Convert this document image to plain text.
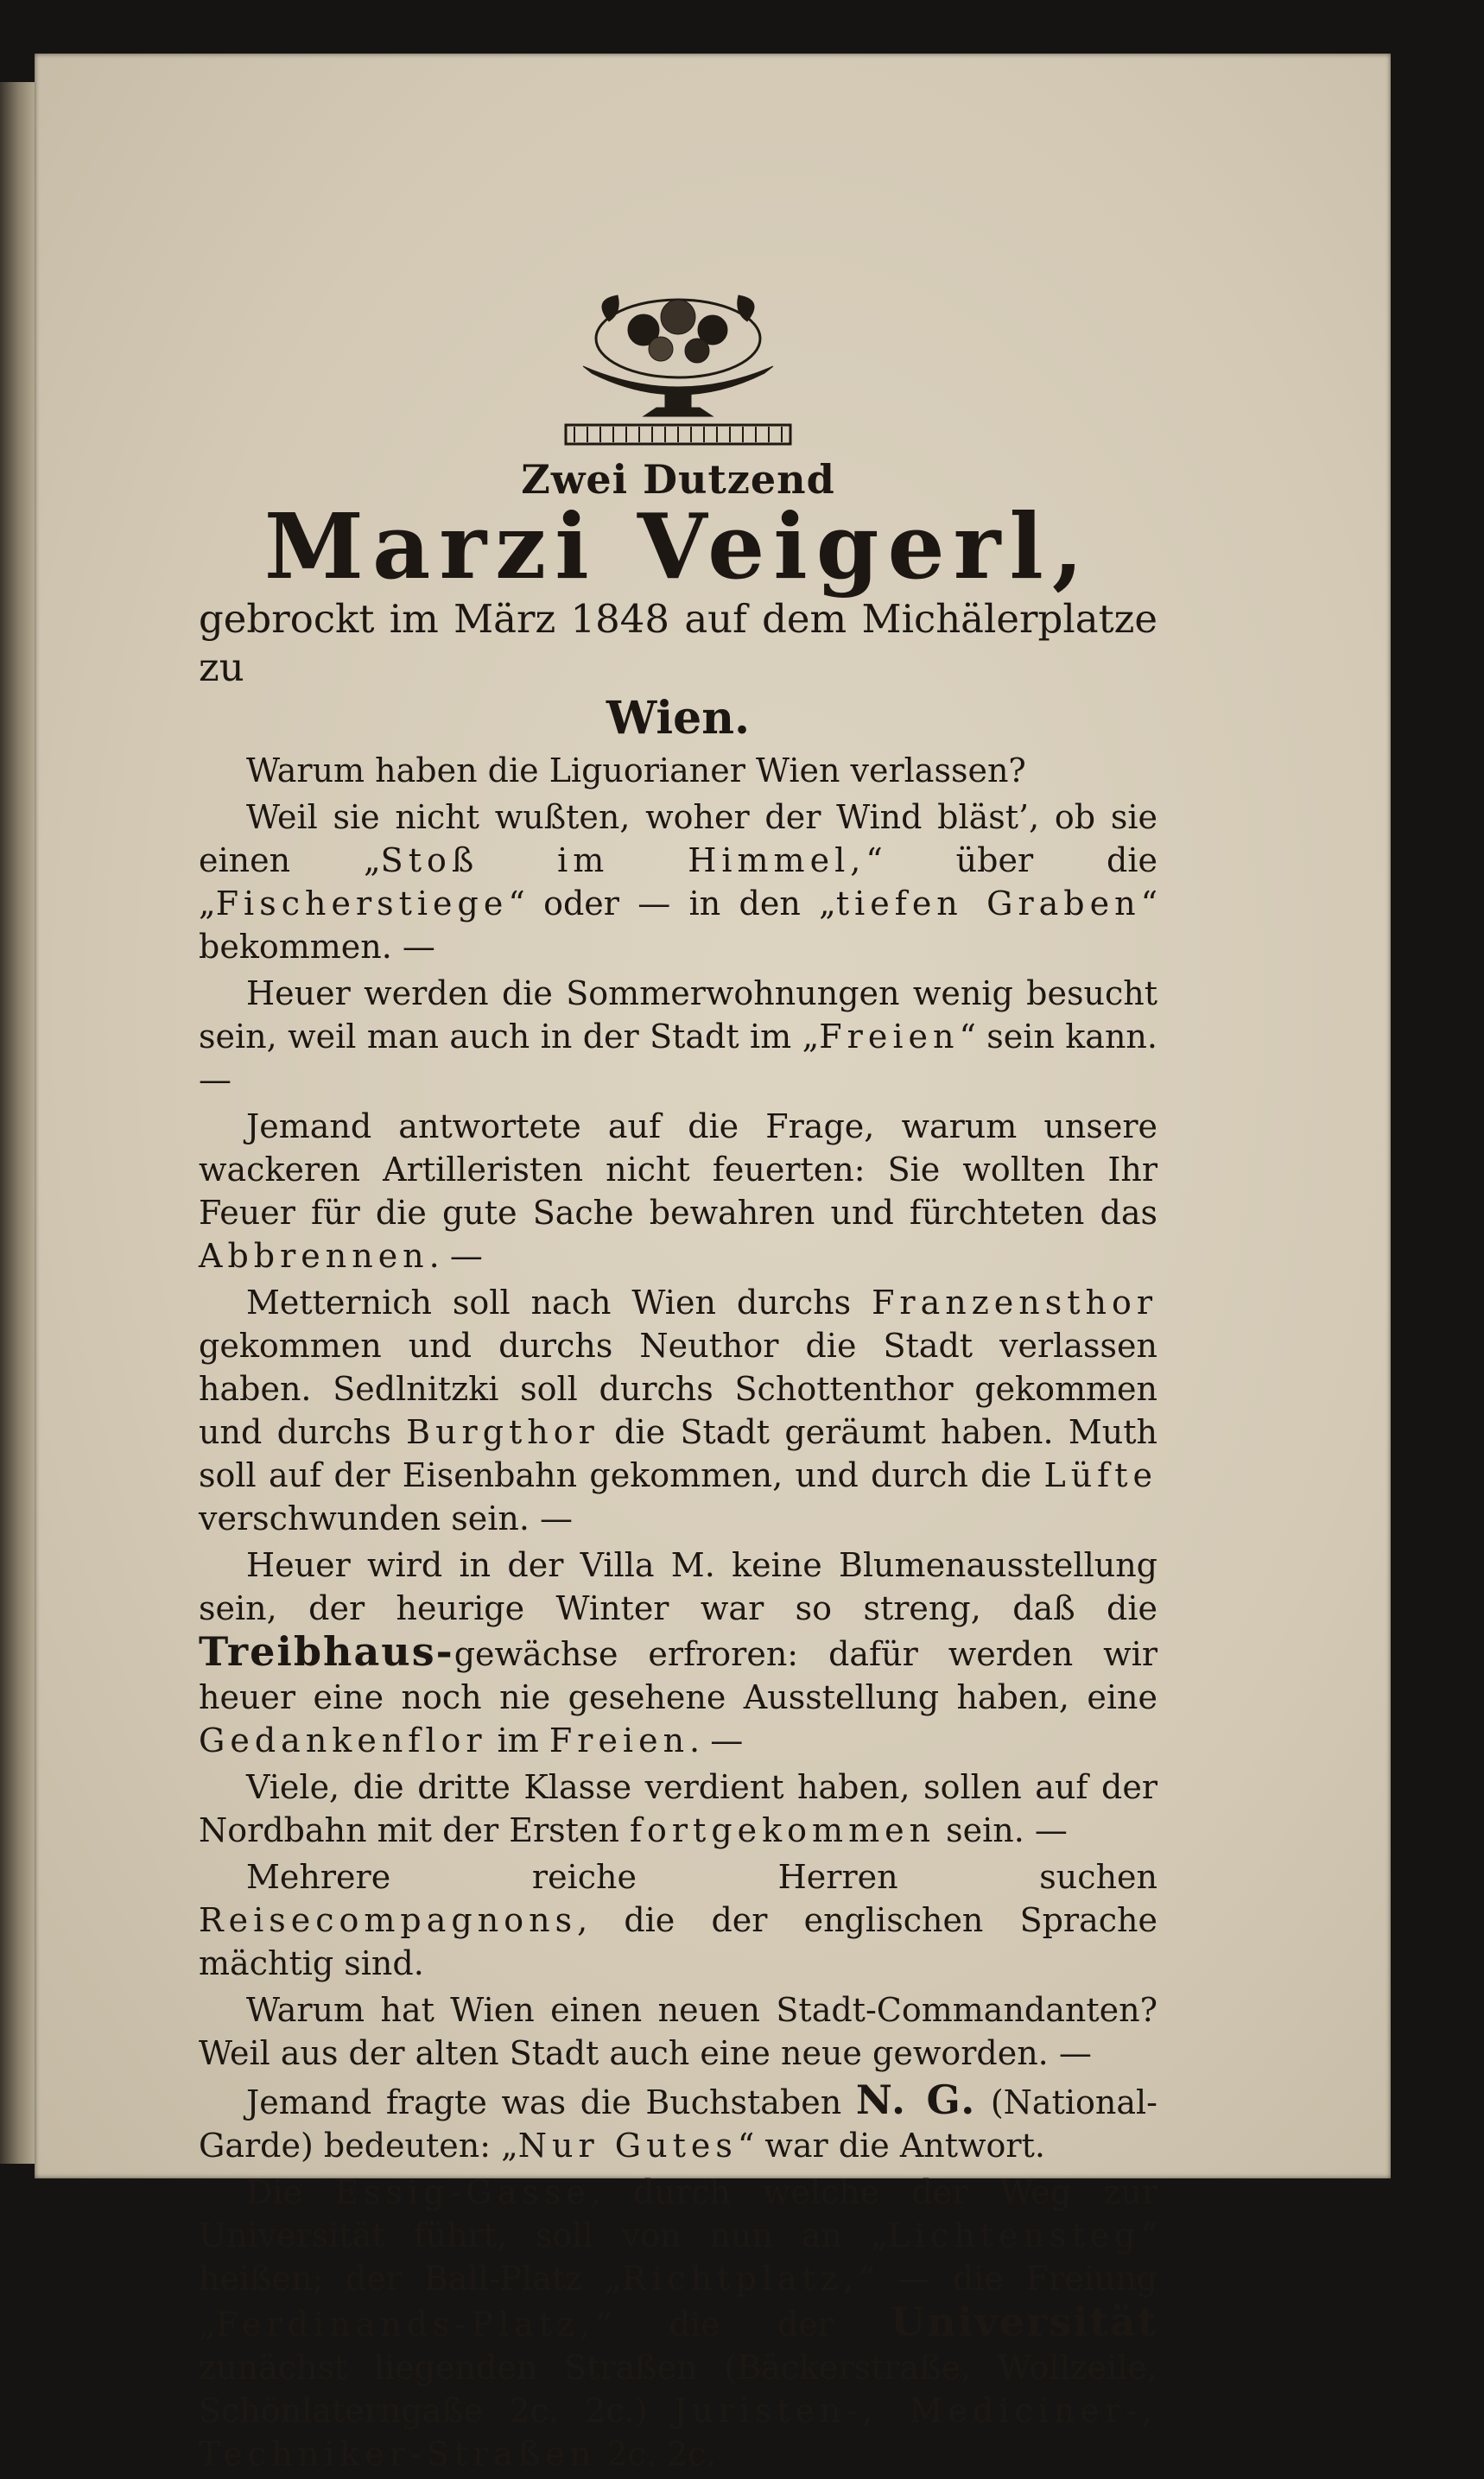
Zwei Dutzend
Marzi Veigerl,
gebrockt im März 1848 auf dem Michälerplatze zu
Wien.

Warum haben die Liguorianer Wien verlassen?

Weil sie nicht wußten, woher der Wind bläst’, ob sie einen „Stoß im Himmel,“ über die „Fischerstiege“ oder — in den „tiefen Graben“ bekommen. —

Heuer werden die Sommerwohnungen wenig besucht sein, weil man auch in der Stadt im „Freien“ sein kann. —

Jemand antwortete auf die Frage, warum unsere wackeren Artilleristen nicht feuerten: Sie wollten Ihr Feuer für die gute Sache bewahren und fürchteten das Abbrennen. —

Metternich soll nach Wien durchs Franzensthor gekommen und durchs Neuthor die Stadt verlassen haben. Sedlnitzki soll durchs Schottenthor gekommen und durchs Burgthor die Stadt geräumt haben. Muth soll auf der Eisenbahn gekommen, und durch die Lüfte verschwunden sein. —

Heuer wird in der Villa M. keine Blumenausstellung sein, der heurige Winter war so streng, daß die Treibhaus-gewächse erfroren: dafür werden wir heuer eine noch nie gesehene Ausstellung haben, eine Gedankenflor im Freien. —

Viele, die dritte Klasse verdient haben, sollen auf der Nordbahn mit der Ersten fortgekommen sein. —

Mehrere reiche Herren suchen Reisecompagnons, die der englischen Sprache mächtig sind.

Warum hat Wien einen neuen Stadt-Commandanten? Weil aus der alten Stadt auch eine neue geworden. —

Jemand fragte was die Buchstaben N. G. (National-Garde) bedeuten: „Nur Gutes“ war die Antwort.

Die Essig-Gasse, durch welche der Weg zur Universität führt, soll von nun an „Lichtensteg“ heißen; der Ball-Platz „Richtplatz,“ — die Freiung „Ferdinands-Platz,“ die der Universität zunächst liegenden Straßen (Bäckerstraße, Wollzeile, Schönlaterngaße 2c. 2c.) Juristen-, Mediciner-, Techniker-Straßen 2c. 2c.
